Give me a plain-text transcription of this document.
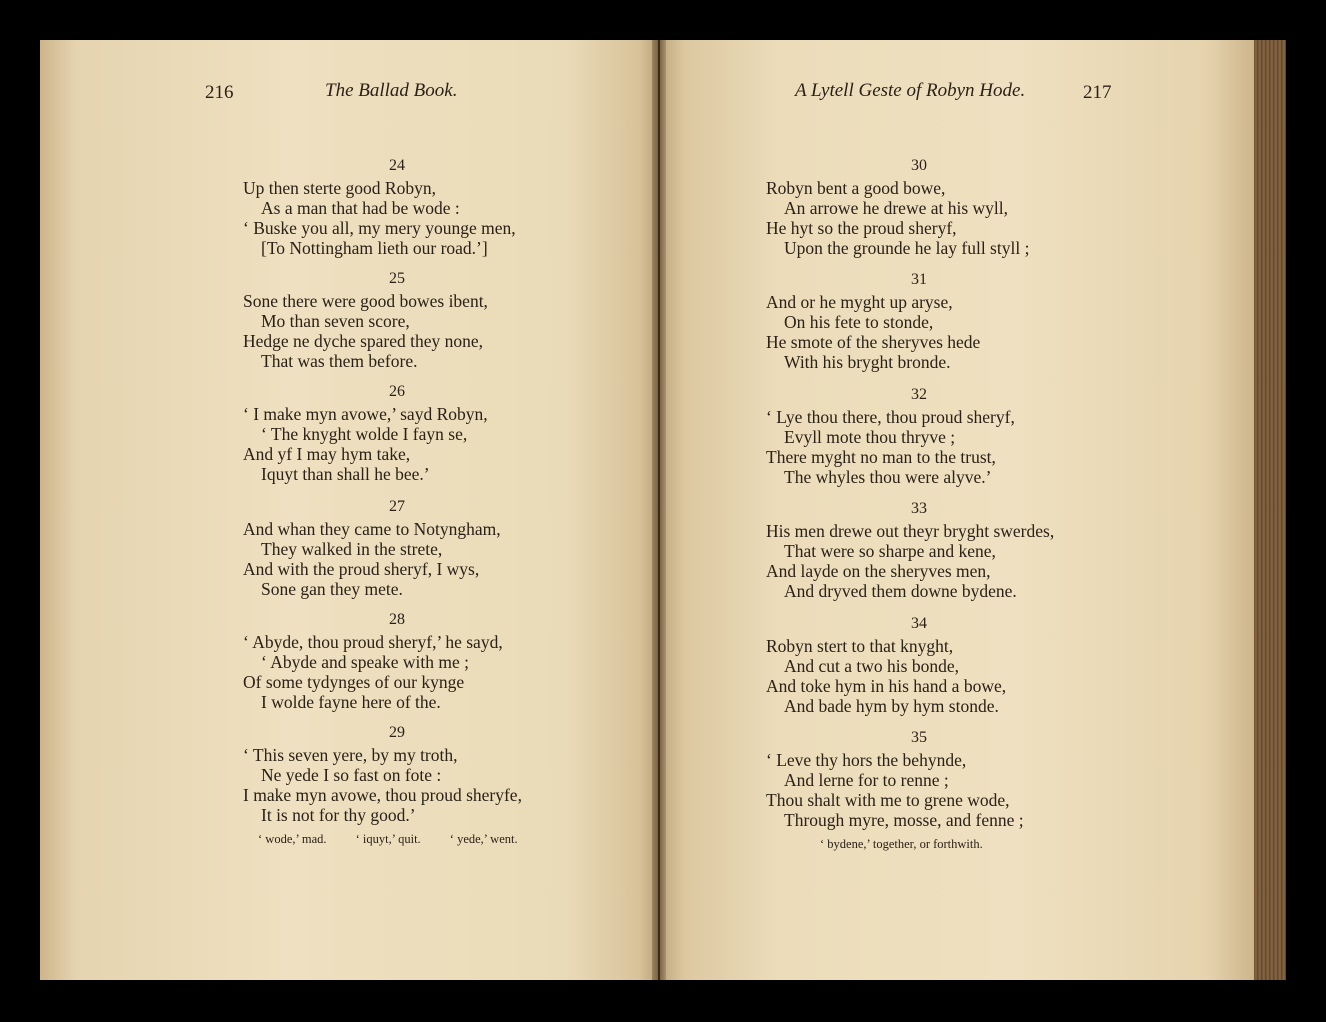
216	The Ballad Book.	A Lytell Geste of Robyn Hode.	217
24
Up then sterte good Robyn,
As a man that had be wode :
‘ Buske you all, my mery younge men,
[To Nottingham lieth our road.’]
25
Sone there were good bowes ibent,
Mo than seven score,
Hedge ne dyche spared they none,
That was them before.
26
‘ I make myn avowe,’ sayd Robyn,
‘ The knyght wolde I fayn se,
And yf I may hym take,
Iquyt than shall he bee.’
27
And whan they came to Notyngham,
They walked in the strete,
And with the proud sheryf, I wys,
Sone gan they mete.
28
‘ Abyde, thou proud sheryf,’ he sayd,
‘ Abyde and speake with me ;
Of some tydynges of our kynge
I wolde fayne here of the.
29
‘ This seven yere, by my troth,
Ne yede I so fast on fote :
I make myn avowe, thou proud sheryfe,
It is not for thy good.’
‘ wode,’ mad. ‘ iquyt,’ quit. ‘ yede,’ went.
30
Robyn bent a good bowe,
An arrowe he drewe at his wyll,
He hyt so the proud sheryf,
Upon the grounde he lay full styll ;
31
And or he myght up aryse,
On his fete to stonde,
He smote of the sheryves hede
With his bryght bronde.
32
‘ Lye thou there, thou proud sheryf,
Evyll mote thou thryve ;
There myght no man to the trust,
The whyles thou were alyve.’
33
His men drewe out theyr bryght swerdes,
That were so sharpe and kene,
And layde on the sheryves men,
And dryved them downe bydene.
34
Robyn stert to that knyght,
And cut a two his bonde,
And toke hym in his hand a bowe,
And bade hym by hym stonde.
35
‘ Leve thy hors the behynde,
And lerne for to renne ;
Thou shalt with me to grene wode,
Through myre, mosse, and fenne ;
‘ bydene,’ together, or forthwith.
